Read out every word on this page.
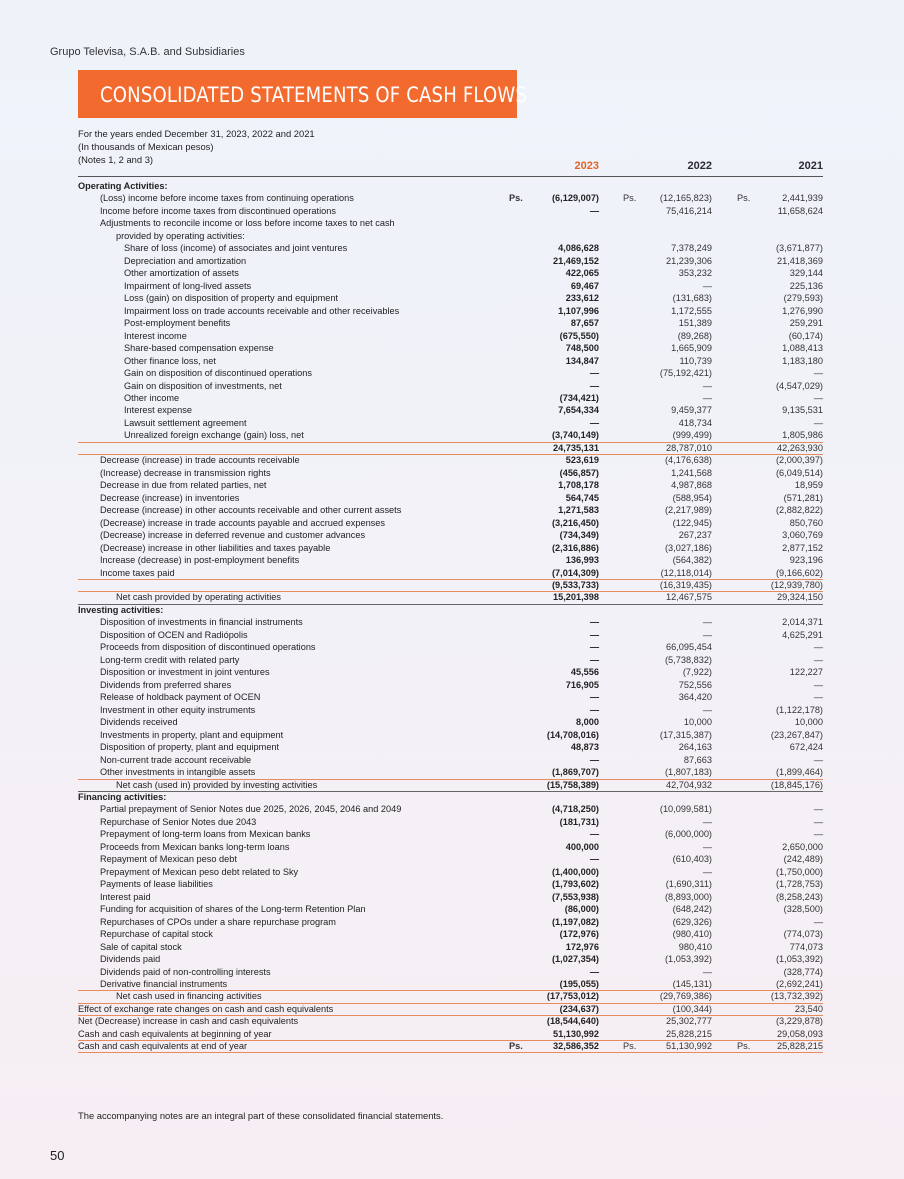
Grupo Televisa, S.A.B. and Subsidiaries
CONSOLIDATED STATEMENTS OF CASH FLOWS
For the years ended December 31, 2023, 2022 and 2021
(In thousands of Mexican pesos)
(Notes 1, 2 and 3)
2023	2022	2021
Operating Activities:
(Loss) income before income taxes from continuing operations	Ps.	(6,129,007)	Ps.	(12,165,823)	Ps.	2,441,939
Income before income taxes from discontinued operations	—	75,416,214	11,658,624
Adjustments to reconcile income or loss before income taxes to net cash
provided by operating activities:
Share of loss (income) of associates and joint ventures	4,086,628	7,378,249	(3,671,877)
Depreciation and amortization	21,469,152	21,239,306	21,418,369
Other amortization of assets	422,065	353,232	329,144
Impairment of long-lived assets	69,467	—	225,136
Loss (gain) on disposition of property and equipment	233,612	(131,683)	(279,593)
Impairment loss on trade accounts receivable and other receivables	1,107,996	1,172,555	1,276,990
Post-employment benefits	87,657	151,389	259,291
Interest income	(675,550)	(89,268)	(60,174)
Share-based compensation expense	748,500	1,665,909	1,088,413
Other finance loss, net	134,847	110,739	1,183,180
Gain on disposition of discontinued operations	—	(75,192,421)	—
Gain on disposition of investments, net	—	—	(4,547,029)
Other income	(734,421)	—	—
Interest expense	7,654,334	9,459,377	9,135,531
Lawsuit settlement agreement	—	418,734	—
Unrealized foreign exchange (gain) loss, net	(3,740,149)	(999,499)	1,805,986
24,735,131	28,787,010	42,263,930
Decrease (increase) in trade accounts receivable	523,619	(4,176,638)	(2,000,397)
(Increase) decrease in transmission rights	(456,857)	1,241,568	(6,049,514)
Decrease in due from related parties, net	1,708,178	4,987,868	18,959
Decrease (increase) in inventories	564,745	(588,954)	(571,281)
Decrease (increase) in other accounts receivable and other current assets	1,271,583	(2,217,989)	(2,882,822)
(Decrease) increase in trade accounts payable and accrued expenses	(3,216,450)	(122,945)	850,760
(Decrease) increase in deferred revenue and customer advances	(734,349)	267,237	3,060,769
(Decrease) increase in other liabilities and taxes payable	(2,316,886)	(3,027,186)	2,877,152
Increase (decrease) in post-employment benefits	136,993	(564,382)	923,196
Income taxes paid	(7,014,309)	(12,118,014)	(9,166,602)
(9,533,733)	(16,319,435)	(12,939,780)
Net cash provided by operating activities	15,201,398	12,467,575	29,324,150
Investing activities:
Disposition of investments in financial instruments	—	—	2,014,371
Disposition of OCEN and Radiópolis	—	—	4,625,291
Proceeds from disposition of discontinued operations	—	66,095,454	—
Long-term credit with related party	—	(5,738,832)	—
Disposition or investment in joint ventures	45,556	(7,922)	122,227
Dividends from preferred shares	716,905	752,556	—
Release of holdback payment of OCEN	—	364,420	—
Investment in other equity instruments	—	—	(1,122,178)
Dividends received	8,000	10,000	10,000
Investments in property, plant and equipment	(14,708,016)	(17,315,387)	(23,267,847)
Disposition of property, plant and equipment	48,873	264,163	672,424
Non-current trade account receivable	—	87,663	—
Other investments in intangible assets	(1,869,707)	(1,807,183)	(1,899,464)
Net cash (used in) provided by investing activities	(15,758,389)	42,704,932	(18,845,176)
Financing activities:
Partial prepayment of Senior Notes due 2025, 2026, 2045, 2046 and 2049	(4,718,250)	(10,099,581)	—
Repurchase of Senior Notes due 2043	(181,731)	—	—
Prepayment of long-term loans from Mexican banks	—	(6,000,000)	—
Proceeds from Mexican banks long-term loans	400,000	—	2,650,000
Repayment of Mexican peso debt	—	(610,403)	(242,489)
Prepayment of Mexican peso debt related to Sky	(1,400,000)	—	(1,750,000)
Payments of lease liabilities	(1,793,602)	(1,690,311)	(1,728,753)
Interest paid	(7,553,938)	(8,893,000)	(8,258,243)
Funding for acquisition of shares of the Long-term Retention Plan	(86,000)	(648,242)	(328,500)
Repurchases of CPOs under a share repurchase program	(1,197,082)	(629,326)	—
Repurchase of capital stock	(172,976)	(980,410)	(774,073)
Sale of capital stock	172,976	980,410	774,073
Dividends paid	(1,027,354)	(1,053,392)	(1,053,392)
Dividends paid of non-controlling interests	—	—	(328,774)
Derivative financial instruments	(195,055)	(145,131)	(2,692,241)
Net cash used in financing activities	(17,753,012)	(29,769,386)	(13,732,392)
Effect of exchange rate changes on cash and cash equivalents	(234,637)	(100,344)	23,540
Net (Decrease) increase in cash and cash equivalents	(18,544,640)	25,302,777	(3,229,878)
Cash and cash equivalents at beginning of year	51,130,992	25,828,215	29,058,093
Cash and cash equivalents at end of year	Ps.	32,586,352	Ps.	51,130,992	Ps.	25,828,215
The accompanying notes are an integral part of these consolidated financial statements.
50
